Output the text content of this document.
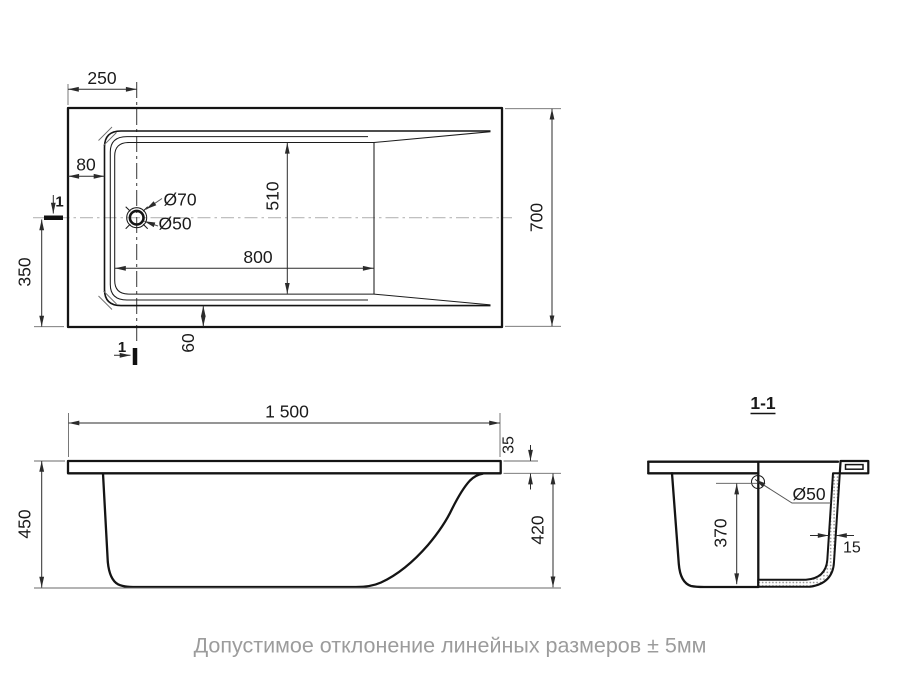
Ø70
Ø50
250
80
700
510
800
350
60
1
1
1 500
35
420
450
1-1
Ø50
370
15
Допустимое отклонение линейных размеров ± 5мм
